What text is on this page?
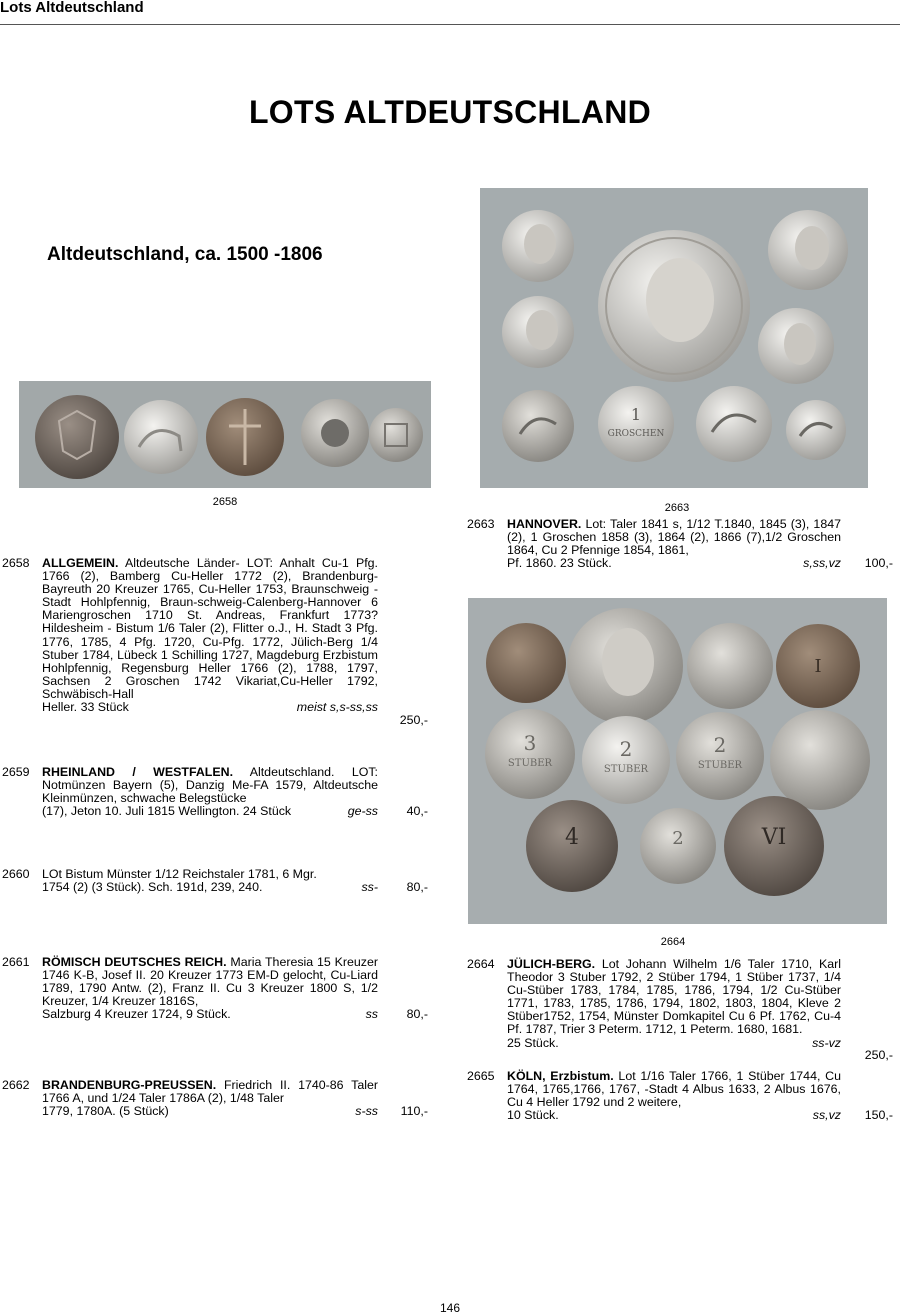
Lots Altdeutschland
LOTS ALTDEUTSCHLAND
Altdeutschland, ca. 1500 -1806
2658
1
GROSCHEN
2663
I
3
STUBER
2
STUBER
2
STUBER
4	2	VI
2664
2658 ALLGEMEIN. Altdeutsche Länder- LOT: Anhalt Cu-1 Pfg. 1766 (2), Bamberg Cu-Heller 1772 (2), Brandenburg-Bayreuth 20 Kreuzer 1765, Cu-Heller 1753, Braunschweig - Stadt Hohlpfennig, Braun-schweig-Calenberg-Hannover 6 Mariengroschen 1710 St. Andreas, Frankfurt 1773? Hildesheim - Bistum 1/6 Taler (2), Flitter o.J., H. Stadt 3 Pfg. 1776, 1785, 4 Pfg. 1720, Cu-Pfg. 1772, Jülich-Berg 1/4 Stuber 1784, Lübeck 1 Schilling 1727, Magdeburg Erzbistum Hohlpfennig, Regensburg Heller 1766 (2), 1788, 1797, Sachsen 2 Groschen 1742 Vikariat,Cu-Heller 1792, Schwäbisch-Hall
Heller. 33 Stück	meist s,s-ss,ss
250,-
2659 RHEINLAND / WESTFALEN. Altdeutschland. LOT: Notmünzen Bayern (5), Danzig Me-FA 1579, Altdeutsche Kleinmünzen, schwache Belegstücke
(17), Jeton 10. Juli 1815 Wellington. 24 Stück	ge-ss	40,-
2660 LOt Bistum Münster 1/12 Reichstaler 1781, 6 Mgr.
1754 (2) (3 Stück). Sch. 191d, 239, 240.	ss-	80,-
2661 RÖMISCH DEUTSCHES REICH. Maria Theresia 15 Kreuzer 1746 K-B, Josef II. 20 Kreuzer 1773 EM-D gelocht, Cu-Liard 1789, 1790 Antw. (2), Franz II. Cu 3 Kreuzer 1800 S, 1/2 Kreuzer, 1/4 Kreuzer 1816S,
Salzburg 4 Kreuzer 1724, 9 Stück.	ss	80,-
2662 BRANDENBURG-PREUSSEN. Friedrich II. 1740-86 Taler 1766 A, und 1/24 Taler 1786A (2), 1/48 Taler
1779, 1780A. (5 Stück)	s-ss	110,-
2663 HANNOVER. Lot: Taler 1841 s, 1/12 T.1840, 1845 (3), 1847 (2), 1 Groschen 1858 (3), 1864 (2), 1866 (7),1/2 Groschen 1864, Cu 2 Pfennige 1854, 1861,
Pf. 1860. 23 Stück.	s,ss,vz	100,-
2664 JÜLICH-BERG. Lot Johann Wilhelm 1/6 Taler 1710, Karl Theodor 3 Stuber 1792, 2 Stüber 1794, 1 Stüber 1737, 1/4 Cu-Stüber 1783, 1784, 1785, 1786, 1794, 1/2 Cu-Stüber 1771, 1783, 1785, 1786, 1794, 1802, 1803, 1804, Kleve 2 Stüber1752, 1754, Münster Domkapitel Cu 6 Pf. 1762, Cu-4 Pf. 1787, Trier 3 Peterm. 1712, 1 Peterm. 1680, 1681.
25 Stück.	ss-vz
250,-
2665 KÖLN, Erzbistum. Lot 1/16 Taler 1766, 1 Stüber 1744, Cu 1764, 1765,1766, 1767, -Stadt 4 Albus 1633, 2 Albus 1676, Cu 4 Heller 1792 und 2 weitere,
10 Stück.	ss,vz	150,-
146
